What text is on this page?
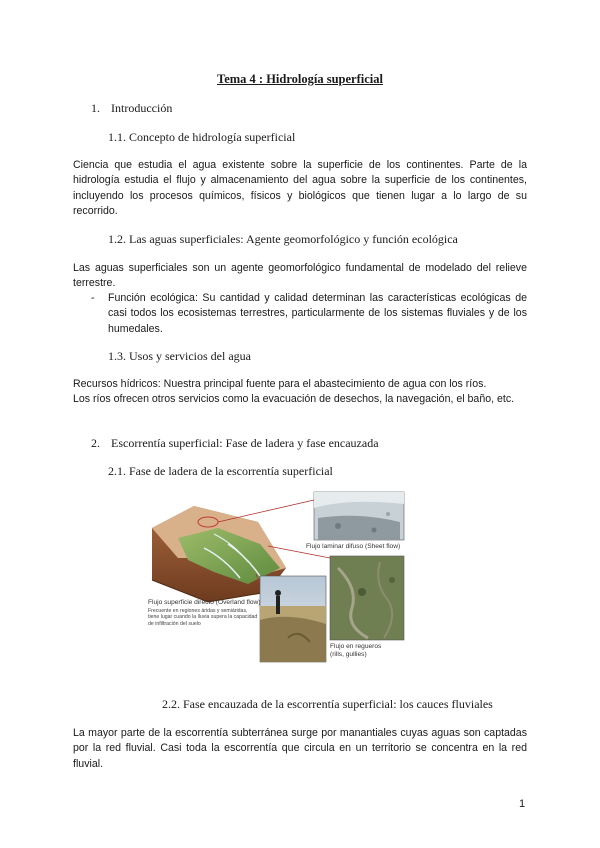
Tema 4 : Hidrología superficial
1. Introducción
1.1. Concepto de hidrología superficial
Ciencia que estudia el agua existente sobre la superficie de los continentes. Parte de la hidrología estudia el flujo y almacenamiento del agua sobre la superficie de los continentes, incluyendo los procesos químicos, físicos y biológicos que tienen lugar a lo largo de su recorrido.
1.2. Las aguas superficiales: Agente geomorfológico y función ecológica
Las aguas superficiales son un agente geomorfológico fundamental de modelado del relieve terrestre.
- Función ecológica: Su cantidad y calidad determinan las características ecológicas de casi todos los ecosistemas terrestres, particularmente de los sistemas fluviales y de los humedales.
1.3. Usos y servicios del agua
Recursos hídricos: Nuestra principal fuente para el abastecimiento de agua con los ríos.
Los ríos ofrecen otros servicios como la evacuación de desechos, la navegación, el baño, etc.
2. Escorrentía superficial: Fase de ladera y fase encauzada
2.1. Fase de ladera de la escorrentía superficial
Flujo laminar difuso (Sheet flow)
Flujo en regueros
(rills, gullies)
Flujo superficie directo (Overland flow)
Frecuente en regiones áridas y semiáridas, tiene lugar cuando la lluvia supera la capacidad de infiltración del suelo
2.2. Fase encauzada de la escorrentía superficial: los cauces fluviales
La mayor parte de la escorrentía subterránea surge por manantiales cuyas aguas son captadas por la red fluvial. Casi toda la escorrentía que circula en un territorio se concentra en la red fluvial.
1
